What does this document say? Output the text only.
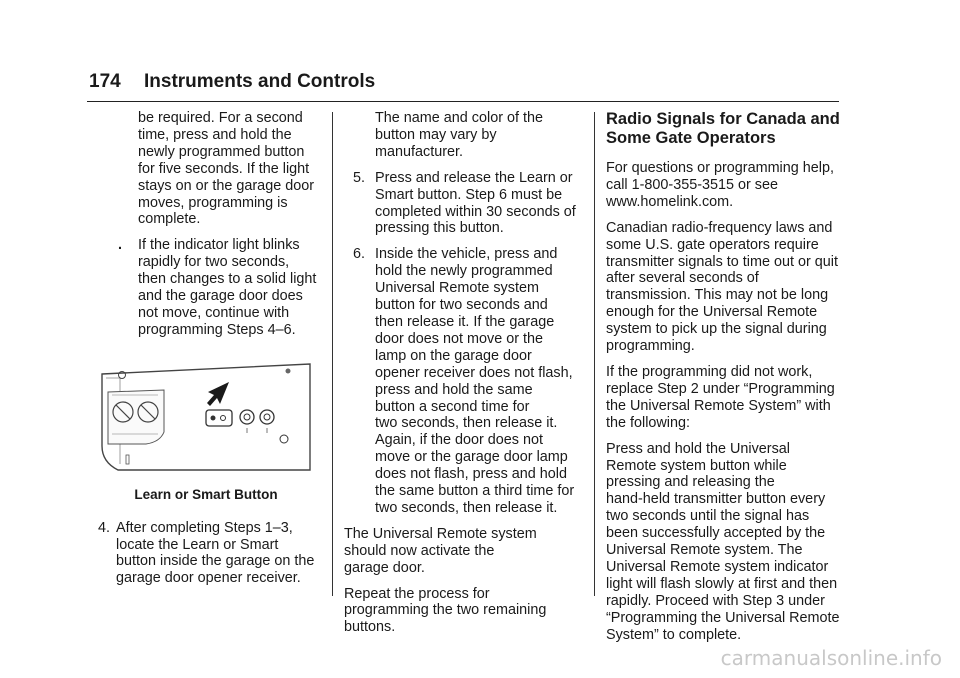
174 Instruments and Controls
be required. For a second
time, press and hold the
newly programmed button
for five seconds. If the light
stays on or the garage door
moves, programming is
complete.
. If the indicator light blinks
rapidly for two seconds,
then changes to a solid light
and the garage door does
not move, continue with
programming Steps 4–6.
Learn or Smart Button
4. After completing Steps 1–3,
locate the Learn or Smart
button inside the garage on the
garage door opener receiver.
The name and color of the
button may vary by
manufacturer.
5. Press and release the Learn or
Smart button. Step 6 must be
completed within 30 seconds of
pressing this button.
6. Inside the vehicle, press and
hold the newly programmed
Universal Remote system
button for two seconds and
then release it. If the garage
door does not move or the
lamp on the garage door
opener receiver does not flash,
press and hold the same
button a second time for
two seconds, then release it.
Again, if the door does not
move or the garage door lamp
does not flash, press and hold
the same button a third time for
two seconds, then release it.
The Universal Remote system
should now activate the
garage door.
Repeat the process for
programming the two remaining
buttons.
Radio Signals for Canada and
Some Gate Operators
For questions or programming help,
call 1-800-355-3515 or see
www.homelink.com.
Canadian radio-frequency laws and
some U.S. gate operators require
transmitter signals to time out or quit
after several seconds of
transmission. This may not be long
enough for the Universal Remote
system to pick up the signal during
programming.
If the programming did not work,
replace Step 2 under “Programming
the Universal Remote System” with
the following:
Press and hold the Universal
Remote system button while
pressing and releasing the
hand-held transmitter button every
two seconds until the signal has
been successfully accepted by the
Universal Remote system. The
Universal Remote system indicator
light will flash slowly at first and then
rapidly. Proceed with Step 3 under
“Programming the Universal Remote
System” to complete.
carmanualsonline.info
